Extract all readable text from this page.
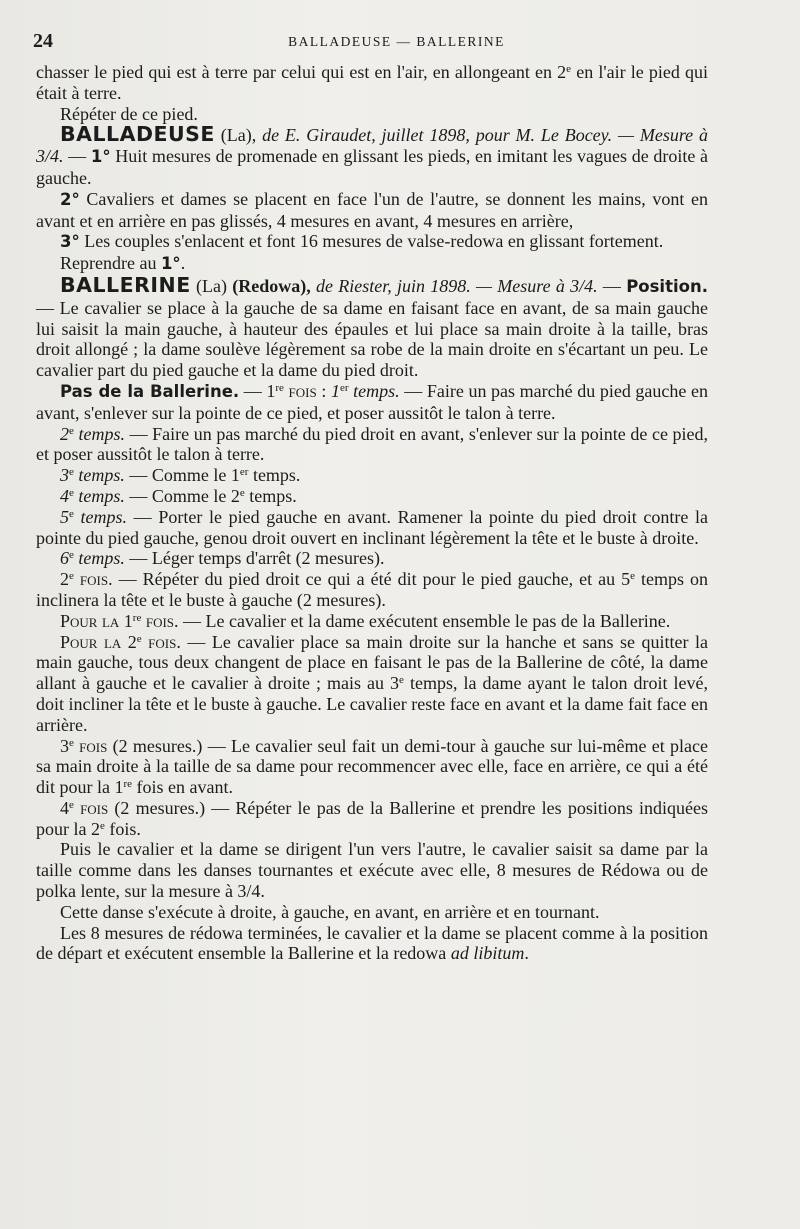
24	BALLADEUSE — BALLERINE

chasser le pied qui est à terre par celui qui est en l'air, en allongeant en 2e en l'air le pied qui était à terre.

Répéter de ce pied.

BALLADEUSE (La), de E. Giraudet, juillet 1898, pour M. Le Bocey. — Mesure à 3/4. — 1° Huit mesures de promenade en glissant les pieds, en imitant les vagues de droite à gauche.

2° Cavaliers et dames se placent en face l'un de l'autre, se donnent les mains, vont en avant et en arrière en pas glissés, 4 mesures en avant, 4 mesures en arrière,

3° Les couples s'enlacent et font 16 mesures de valse-redowa en glissant fortement.

Reprendre au 1°.

BALLERINE (La) (Redowa), de Riester, juin 1898. — Mesure à 3/4. — Position. — Le cavalier se place à la gauche de sa dame en faisant face en avant, de sa main gauche lui saisit la main gauche, à hauteur des épaules et lui place sa main droite à la taille, bras droit allongé ; la dame soulève légèrement sa robe de la main droite en s'écartant un peu. Le cavalier part du pied gauche et la dame du pied droit.

Pas de la Ballerine. — 1re fois : 1er temps. — Faire un pas marché du pied gauche en avant, s'enlever sur la pointe de ce pied, et poser aussitôt le talon à terre.

2e temps. — Faire un pas marché du pied droit en avant, s'enlever sur la pointe de ce pied, et poser aussitôt le talon à terre.

3e temps. — Comme le 1er temps.

4e temps. — Comme le 2e temps.

5e temps. — Porter le pied gauche en avant. Ramener la pointe du pied droit contre la pointe du pied gauche, genou droit ouvert en inclinant légèrement la tête et le buste à droite.

6e temps. — Léger temps d'arrêt (2 mesures).

2e fois. — Répéter du pied droit ce qui a été dit pour le pied gauche, et au 5e temps on inclinera la tête et le buste à gauche (2 mesures).

Pour la 1re fois. — Le cavalier et la dame exécutent ensemble le pas de la Ballerine.

Pour la 2e fois. — Le cavalier place sa main droite sur la hanche et sans se quitter la main gauche, tous deux changent de place en faisant le pas de la Ballerine de côté, la dame allant à gauche et le cavalier à droite ; mais au 3e temps, la dame ayant le talon droit levé, doit incliner la tête et le buste à gauche. Le cavalier reste face en avant et la dame fait face en arrière.

3e fois (2 mesures.) — Le cavalier seul fait un demi-tour à gauche sur lui-même et place sa main droite à la taille de sa dame pour recommencer avec elle, face en arrière, ce qui a été dit pour la 1re fois en avant.

4e fois (2 mesures.) — Répéter le pas de la Ballerine et prendre les positions indiquées pour la 2e fois.

Puis le cavalier et la dame se dirigent l'un vers l'autre, le cavalier saisit sa dame par la taille comme dans les danses tournantes et exécute avec elle, 8 mesures de Rédowa ou de polka lente, sur la mesure à 3/4.

Cette danse s'exécute à droite, à gauche, en avant, en arrière et en tournant.

Les 8 mesures de rédowa terminées, le cavalier et la dame se placent comme à la position de départ et exécutent ensemble la Ballerine et la redowa ad libitum.
